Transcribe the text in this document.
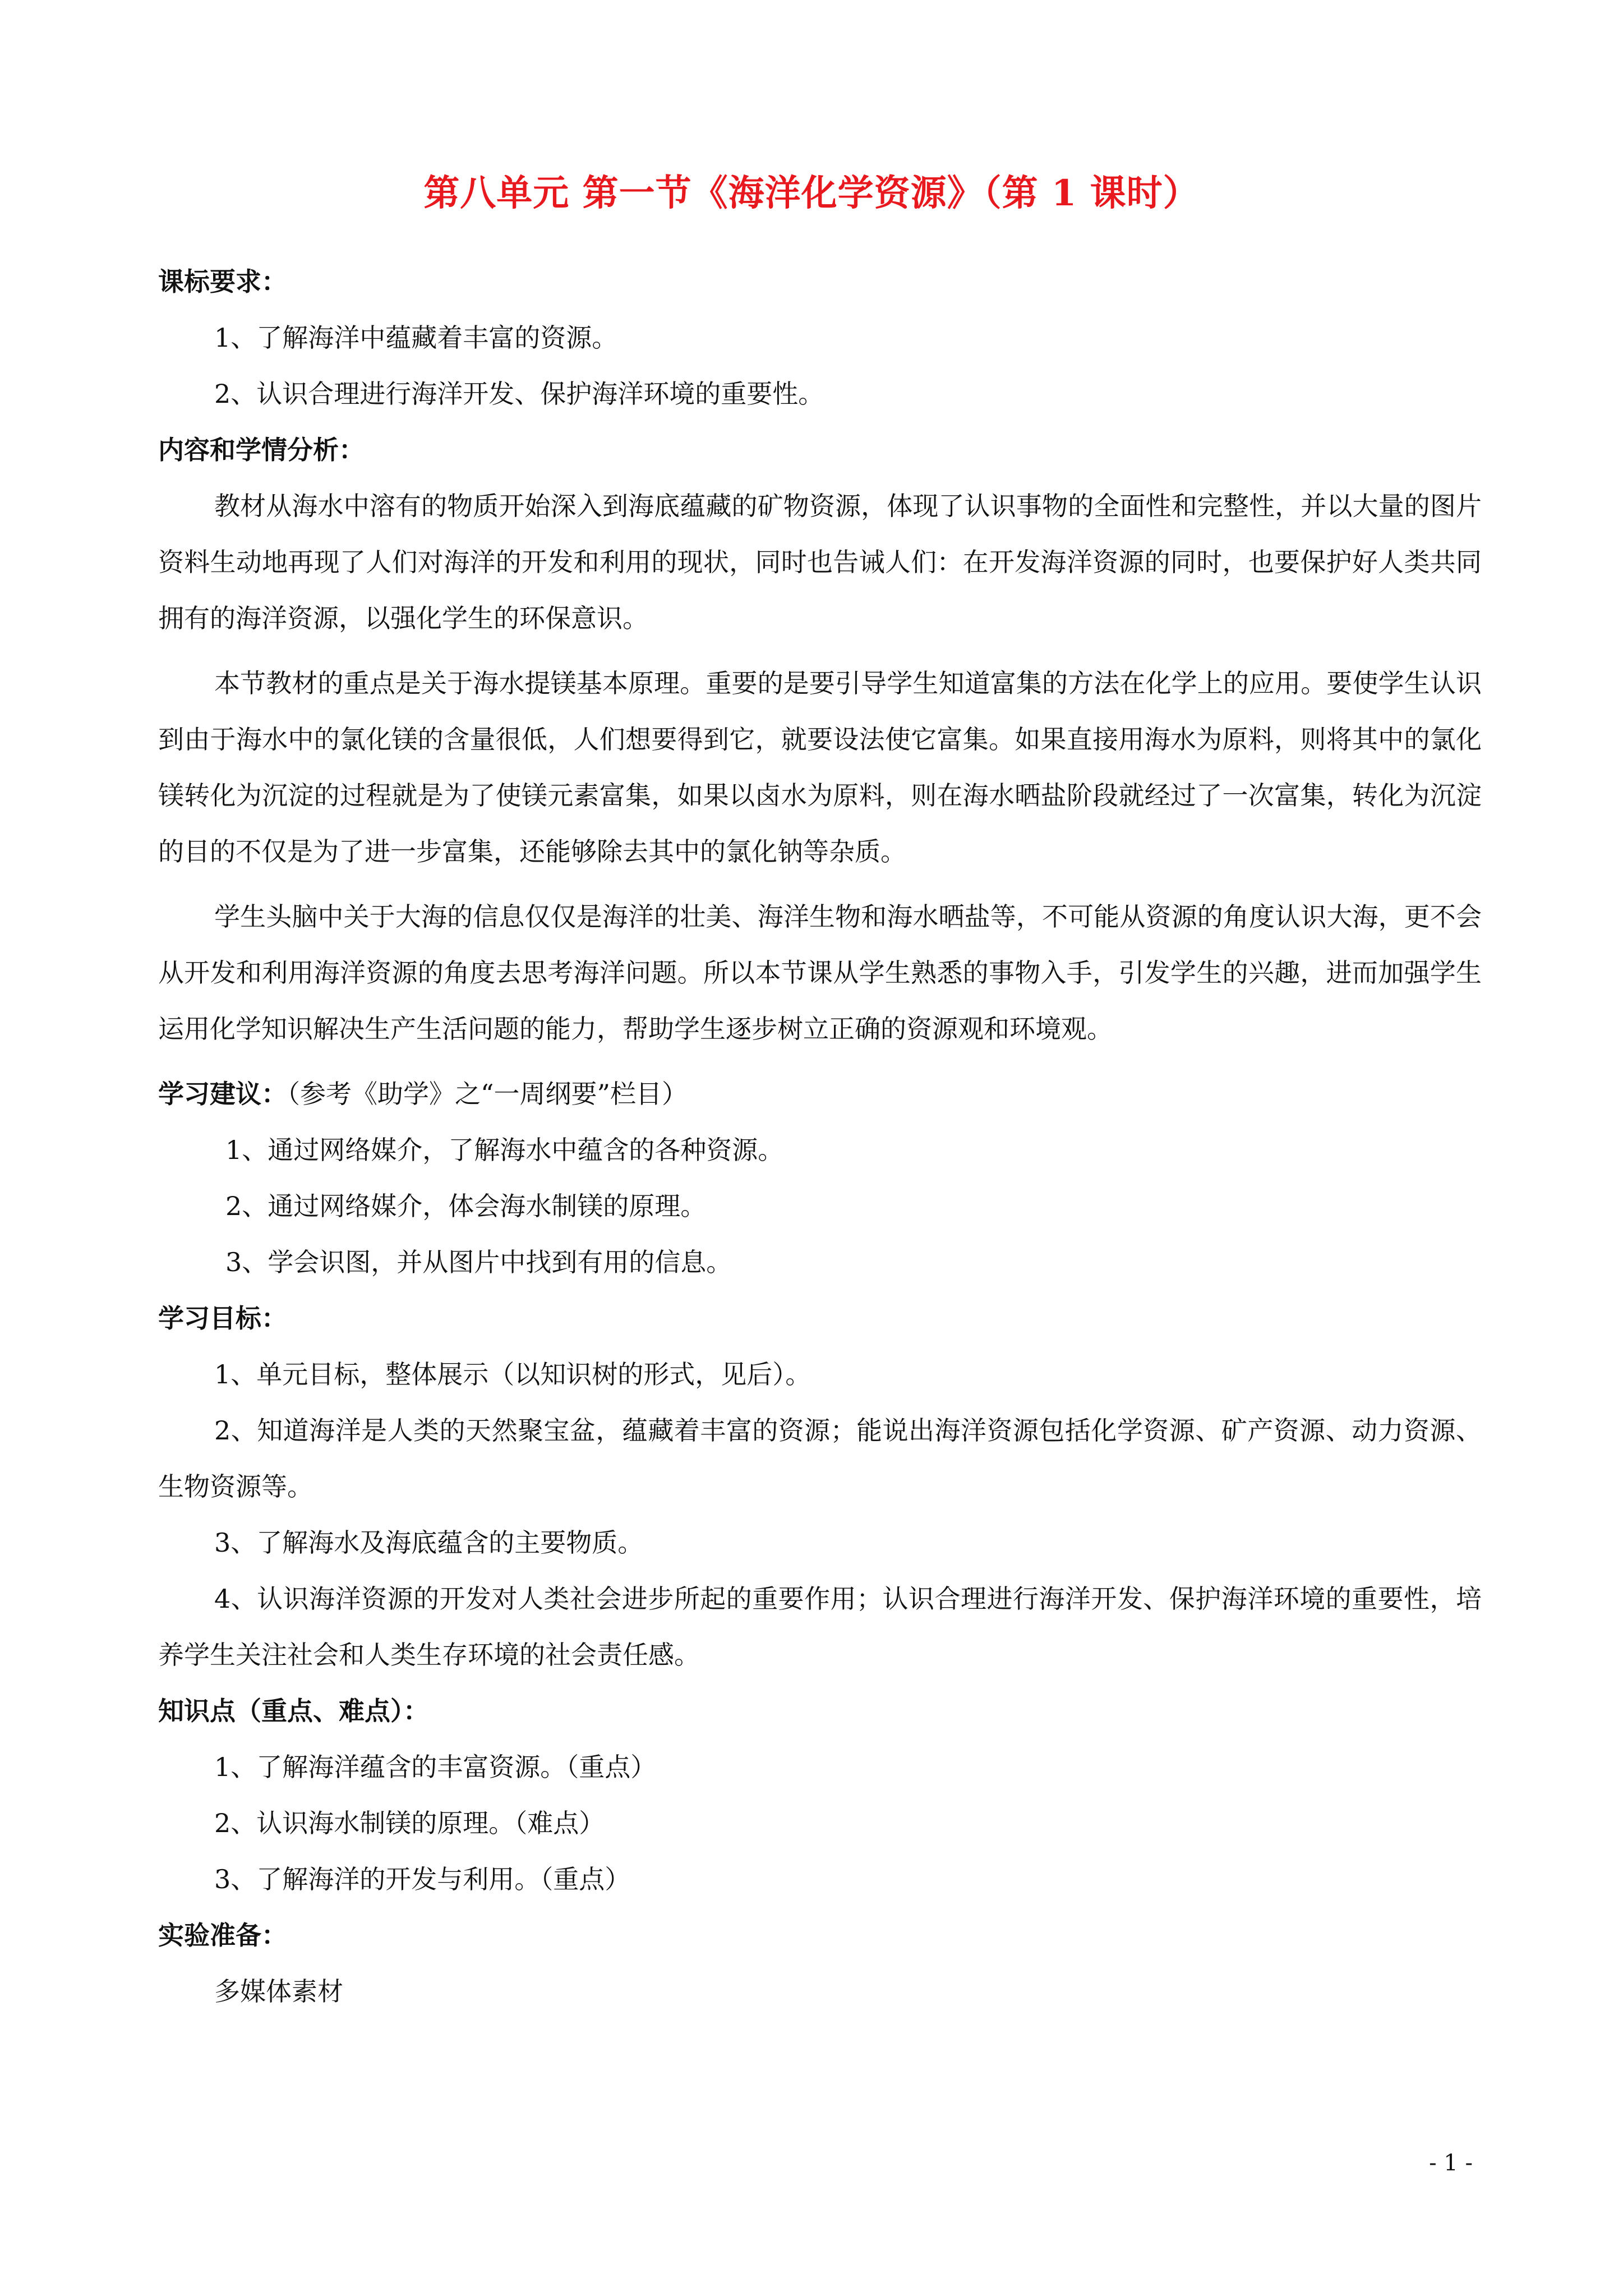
第八单元 第一节《海洋化学资源》（第 1 课时）

课标要求：

1、了解海洋中蕴藏着丰富的资源。

2、认识合理进行海洋开发、保护海洋环境的重要性。

内容和学情分析：

教材从海水中溶有的物质开始深入到海底蕴藏的矿物资源，体现了认识事物的全面性和完整性，并以大量的图片资料生动地再现了人们对海洋的开发和利用的现状，同时也告诫人们：在开发海洋资源的同时，也要保护好人类共同拥有的海洋资源，以强化学生的环保意识。

本节教材的重点是关于海水提镁基本原理。重要的是要引导学生知道富集的方法在化学上的应用。要使学生认识到由于海水中的氯化镁的含量很低，人们想要得到它，就要设法使它富集。如果直接用海水为原料，则将其中的氯化镁转化为沉淀的过程就是为了使镁元素富集，如果以卤水为原料，则在海水晒盐阶段就经过了一次富集，转化为沉淀的目的不仅是为了进一步富集，还能够除去其中的氯化钠等杂质。

学生头脑中关于大海的信息仅仅是海洋的壮美、海洋生物和海水晒盐等，不可能从资源的角度认识大海，更不会从开发和利用海洋资源的角度去思考海洋问题。所以本节课从学生熟悉的事物入手，引发学生的兴趣，进而加强学生运用化学知识解决生产生活问题的能力，帮助学生逐步树立正确的资源观和环境观。

学习建议：（参考《助学》之“一周纲要”栏目）

1、通过网络媒介，了解海水中蕴含的各种资源。

2、通过网络媒介，体会海水制镁的原理。

3、学会识图，并从图片中找到有用的信息。

学习目标：

1、单元目标，整体展示（以知识树的形式，见后）。

2、知道海洋是人类的天然聚宝盆，蕴藏着丰富的资源；能说出海洋资源包括化学资源、矿产资源、动力资源、生物资源等。

3、了解海水及海底蕴含的主要物质。

4、认识海洋资源的开发对人类社会进步所起的重要作用；认识合理进行海洋开发、保护海洋环境的重要性，培养学生关注社会和人类生存环境的社会责任感。

知识点（重点、难点）：

1、了解海洋蕴含的丰富资源。（重点）

2、认识海水制镁的原理。（难点）

3、了解海洋的开发与利用。（重点）

实验准备：

多媒体素材

- 1 -
